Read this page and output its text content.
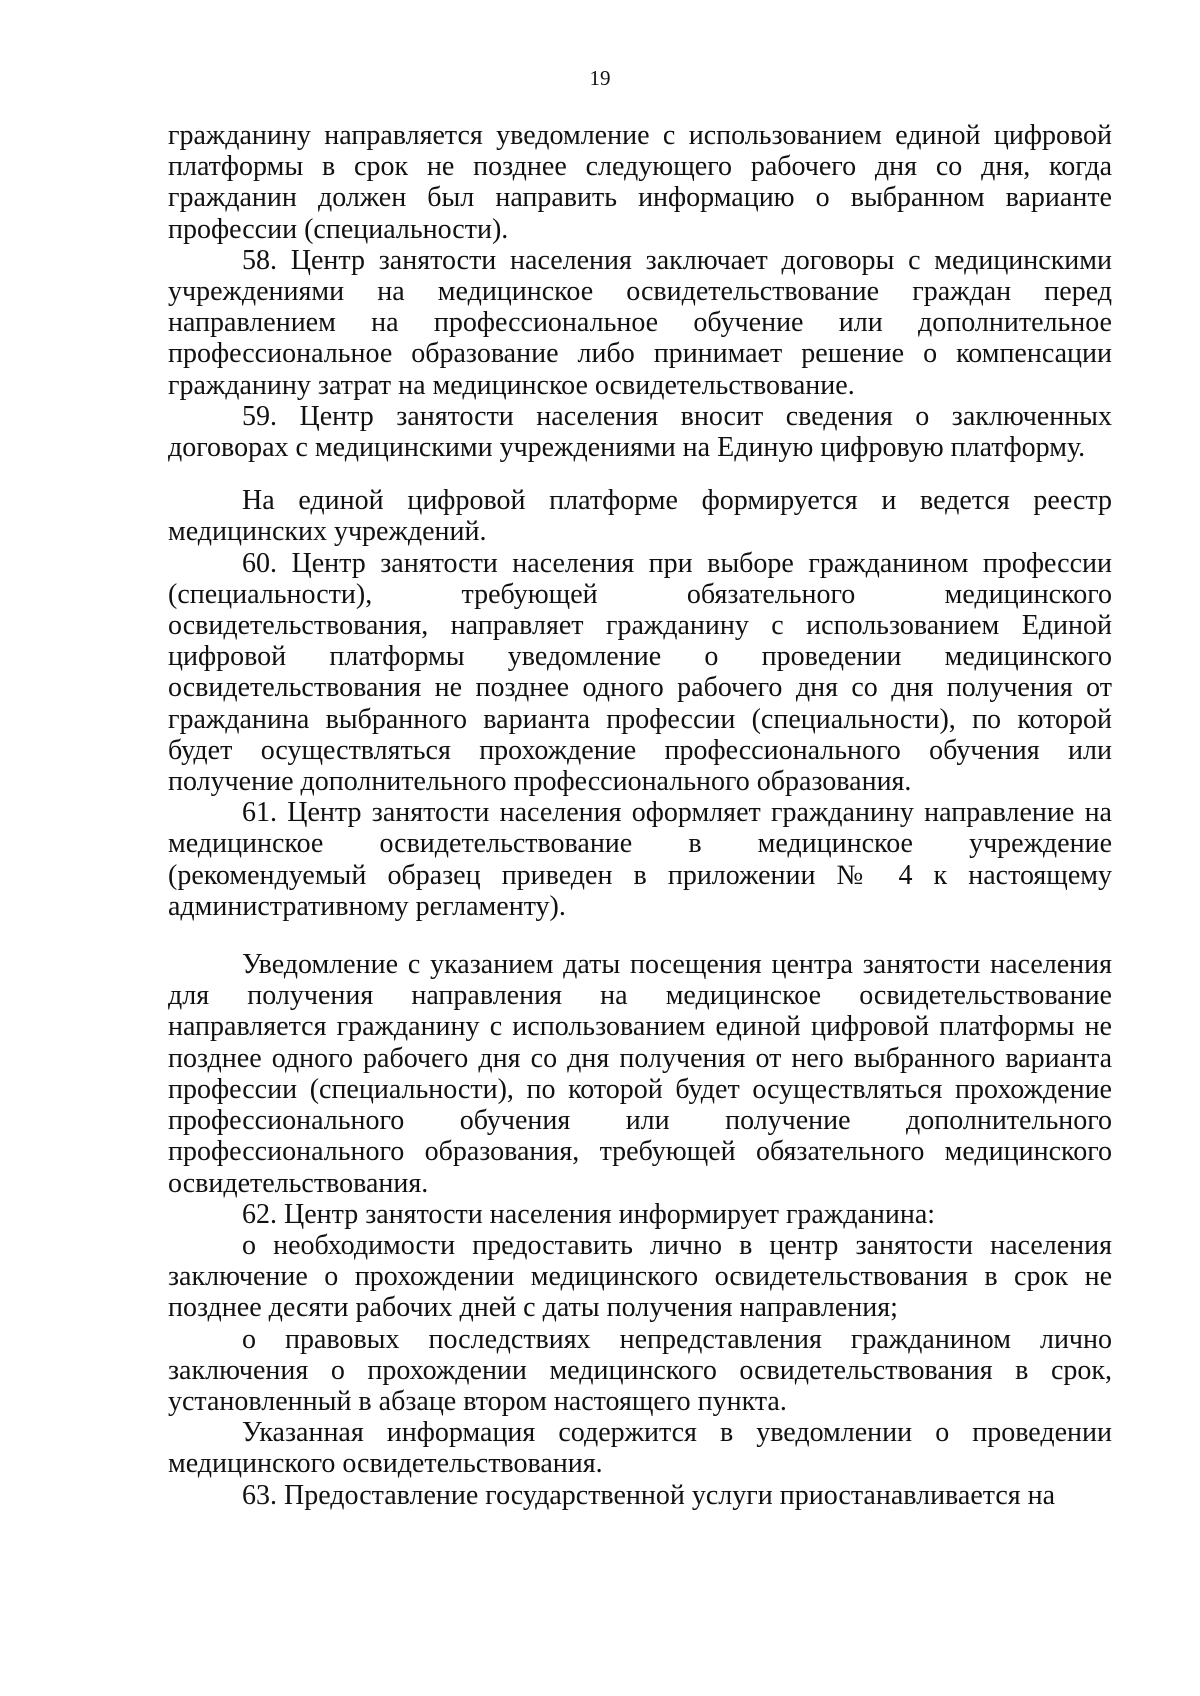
19

гражданину направляется уведомление с использованием единой цифровой платформы в срок не позднее следующего рабочего дня со дня, когда гражданин должен был направить информацию о выбранном варианте профессии (специальности).

58. Центр занятости населения заключает договоры с медицинскими учреждениями на медицинское освидетельствование граждан перед направлением на профессиональное обучение или дополнительное профессиональное образование либо принимает решение о компенсации гражданину затрат на медицинское освидетельствование.

59. Центр занятости населения вносит сведения о заключенных договорах с медицинскими учреждениями на Единую цифровую платформу.

На единой цифровой платформе формируется и ведется реестр медицинских учреждений.

60. Центр занятости населения при выборе гражданином профессии (специальности), требующей обязательного медицинского освидетельствования, направляет гражданину с использованием Единой цифровой платформы уведомление о проведении медицинского освидетельствования не позднее одного рабочего дня со дня получения от гражданина выбранного варианта профессии (специальности), по которой будет осуществляться прохождение профессионального обучения или получение дополнительного профессионального образования.

61. Центр занятости населения оформляет гражданину направление на медицинское освидетельствование в медицинское учреждение (рекомендуемый образец приведен в приложении № 4 к настоящему административному регламенту).

Уведомление с указанием даты посещения центра занятости населения для получения направления на медицинское освидетельствование направляется гражданину с использованием единой цифровой платформы не позднее одного рабочего дня со дня получения от него выбранного варианта профессии (специальности), по которой будет осуществляться прохождение профессионального обучения или получение дополнительного профессионального образования, требующей обязательного медицинского освидетельствования.

62. Центр занятости населения информирует гражданина:

о необходимости предоставить лично в центр занятости населения заключение о прохождении медицинского освидетельствования в срок не позднее десяти рабочих дней с даты получения направления;

о правовых последствиях непредставления гражданином лично заключения о прохождении медицинского освидетельствования в срок, установленный в абзаце втором настоящего пункта.

Указанная информация содержится в уведомлении о проведении медицинского освидетельствования.

63. Предоставление государственной услуги приостанавливается на
